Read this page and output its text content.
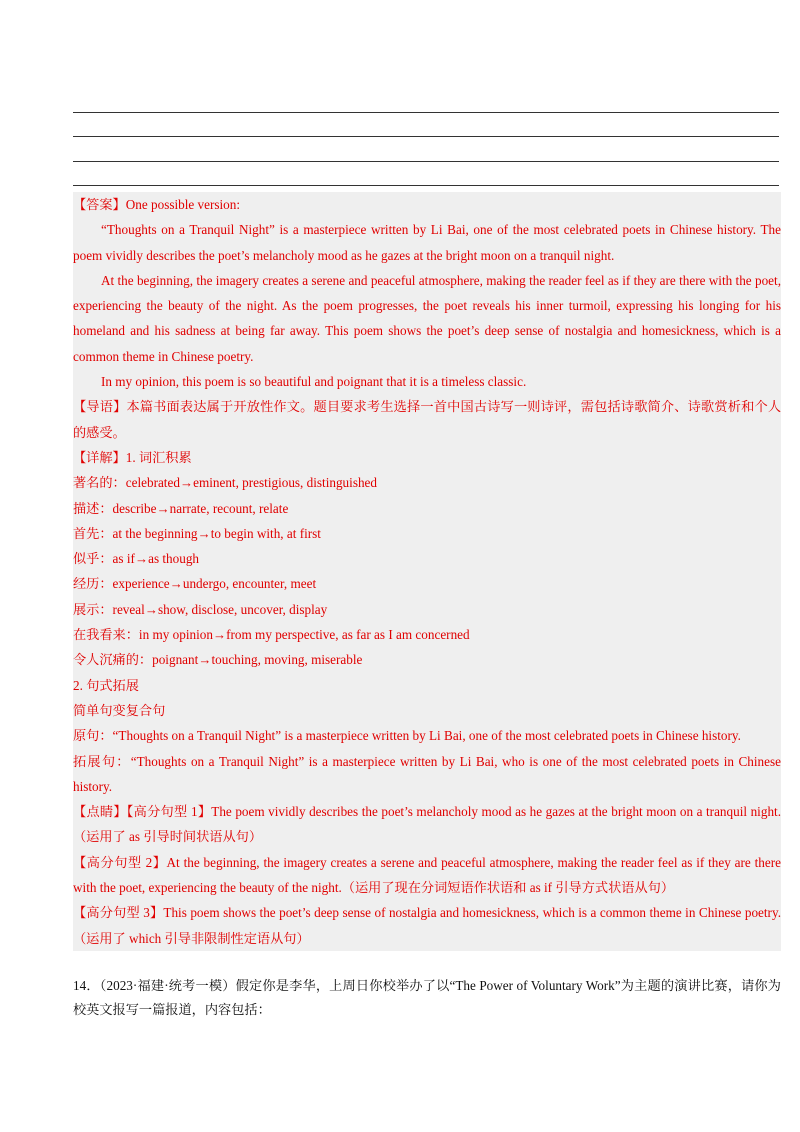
【答案】One possible version:

“Thoughts on a Tranquil Night” is a masterpiece written by Li Bai, one of the most celebrated poets in Chinese history. The poem vividly describes the poet’s melancholy mood as he gazes at the bright moon on a tranquil night.

At the beginning, the imagery creates a serene and peaceful atmosphere, making the reader feel as if they are there with the poet, experiencing the beauty of the night. As the poem progresses, the poet reveals his inner turmoil, expressing his longing for his homeland and his sadness at being far away. This poem shows the poet’s deep sense of nostalgia and homesickness, which is a common theme in Chinese poetry.

In my opinion, this poem is so beautiful and poignant that it is a timeless classic.

【导语】本篇书面表达属于开放性作文。题目要求考生选择一首中国古诗写一则诗评，需包括诗歌简介、诗歌赏析和个人的感受。

【详解】1. 词汇积累

著名的：celebrated→eminent, prestigious, distinguished

描述：describe→narrate, recount, relate

首先：at the beginning→to begin with, at first

似乎：as if→as though

经历：experience→undergo, encounter, meet

展示：reveal→show, disclose, uncover, display

在我看来：in my opinion→from my perspective, as far as I am concerned

令人沉痛的：poignant→touching, moving, miserable

2. 句式拓展

简单句变复合句

原句：“Thoughts on a Tranquil Night” is a masterpiece written by Li Bai, one of the most celebrated poets in Chinese history.

拓展句：“Thoughts on a Tranquil Night” is a masterpiece written by Li Bai, who is one of the most celebrated poets in Chinese history.

【点睛】【高分句型 1】The poem vividly describes the poet’s melancholy mood as he gazes at the bright moon on a tranquil night.（运用了 as 引导时间状语从句）

【高分句型 2】At the beginning, the imagery creates a serene and peaceful atmosphere, making the reader feel as if they are there with the poet, experiencing the beauty of the night.（运用了现在分词短语作状语和 as if 引导方式状语从句）

【高分句型 3】This poem shows the poet’s deep sense of nostalgia and homesickness, which is a common theme in Chinese poetry.（运用了 which 引导非限制性定语从句）

14．（2023·福建·统考一模）假定你是李华，上周日你校举办了以“The Power of Voluntary Work”为主题的演讲比赛，请你为校英文报写一篇报道，内容包括：
